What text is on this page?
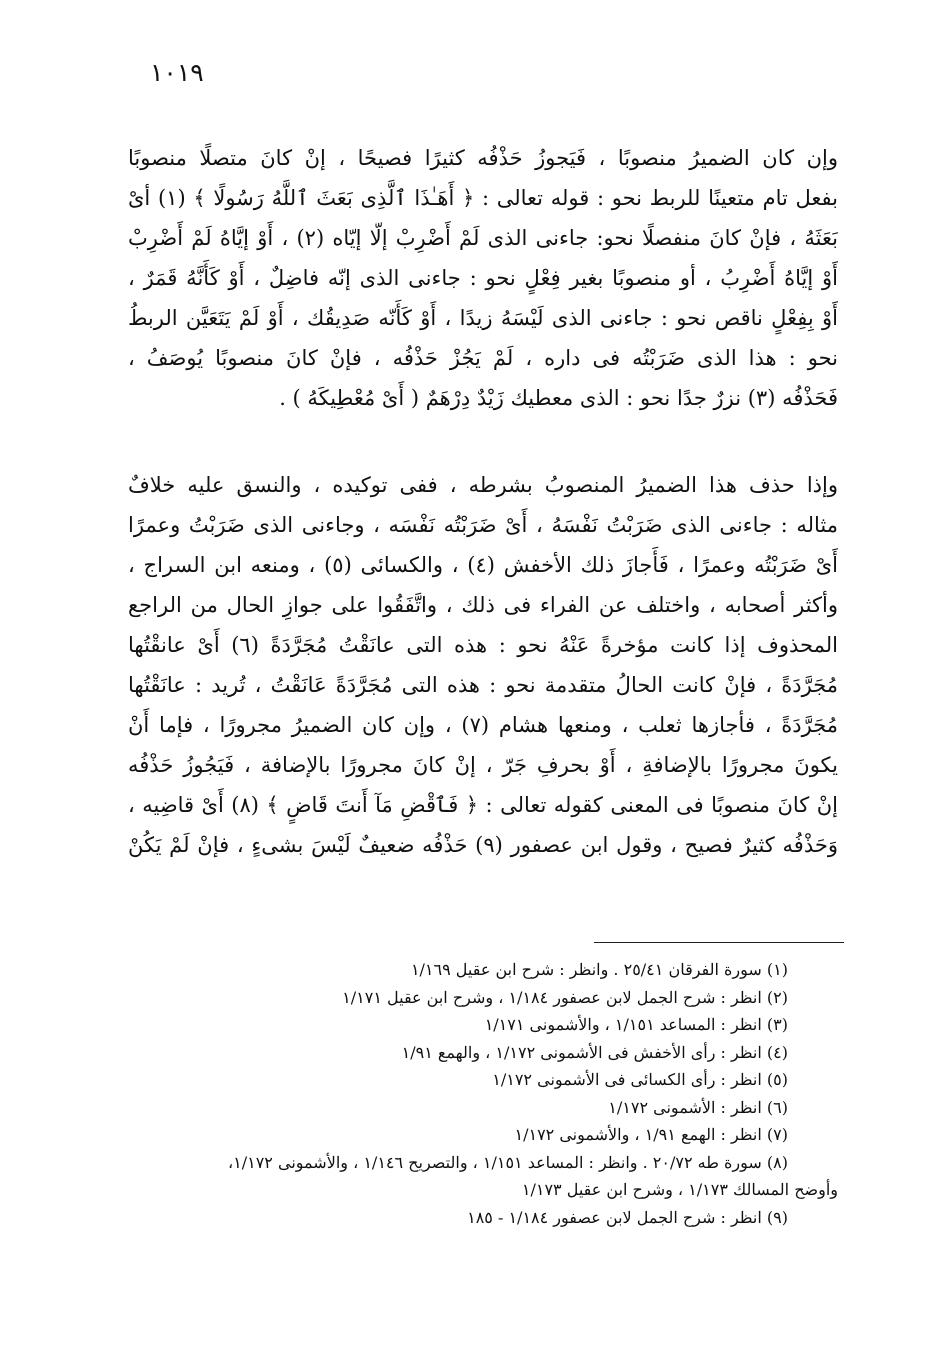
١٠١٩
وإن كان الضميرُ منصوبًا ، فَيَجوزُ حَذْفُه كثيرًا فصيحًا ، إنْ كانَ متصلًا منصوبًا
بفعل تام متعينًا للربط نحو : قوله تعالى : ﴿ أَهَـٰذَا ٱلَّذِى بَعَثَ ٱللَّهُ رَسُولًا ﴾ (١) أىْ
بَعَثَهُ ، فإنْ كانَ منفصلًا نحو: جاءنى الذى لَمْ أَضْرِبْ إلّا إيّاه (٢) ، أَوْ إيَّاهُ لَمْ أَضْرِبْ
أَوْ إيَّاهُ أَضْرِبُ ، أو منصوبًا بغير فِعْلٍ نحو : جاءنى الذى إنّه فاضِلٌ ، أَوْ كَأَنَّهُ قَمَرٌ ،
أَوْ بِفِعْلٍ ناقص نحو : جاءنى الذى لَيْسَهُ زيدًا ، أَوْ كَأَنّه صَدِيقُك ، أَوْ لَمْ يَتَعَيَّن الربطُ
نحو : هذا الذى ضَرَبْتُه فى داره ، لَمْ يَجُزْ حَذْفُه ، فإنْ كانَ منصوبًا يُوصَفُ ،
فَحَذْفُه (٣) نزرٌ جدًا نحو : الذى معطيك زَيْدٌ دِرْهَمٌ ( أَىْ مُعْطِيكَهُ ) .
وإذا حذف هذا الضميرُ المنصوبُ بشرطه ، ففى توكيده ، والنسق عليه خلافٌ
مثاله : جاءنى الذى ضَرَبْتُ نَفْسَهُ ، أَىْ ضَرَبْتُه نَفْسَه ، وجاءنى الذى ضَرَبْتُ وعمرًا
أَىْ ضَرَبْتُه وعمرًا ، فَأَجازَ ذلك الأخفش (٤) ، والكسائى (٥) ، ومنعه ابن السراج ،
وأكثر أصحابه ، واختلف عن الفراء فى ذلك ، واتَّفَقُوا على جوازِ الحال من الراجع
المحذوف إذا كانت مؤخرةً عَنْهُ نحو : هذه التى عانَقْتُ مُجَرَّدَةً (٦) أَىْ عانقْتُها
مُجَرَّدَةً ، فإنْ كانت الحالُ متقدمة نحو : هذه التى مُجَرَّدَةً عَانَقْتُ ، تُريد : عانَقْتُها
مُجَرَّدَةً ، فأجازها ثعلب ، ومنعها هشام (٧) ، وإن كان الضميرُ مجرورًا ، فإما أَنْ
يكونَ مجرورًا بالإضافةِ ، أَوْ بحرفِ جَرّ ، إنْ كانَ مجرورًا بالإضافة ، فَيَجُوزُ حَذْفُه
إنْ كانَ منصوبًا فى المعنى كقوله تعالى : ﴿ فَٱقْضِ مَآ أَنتَ قَاضٍ ﴾ (٨) أَىْ قاضِيه ،
وَحَذْفُه كثيرٌ فصيح ، وقول ابن عصفور (٩) حَذْفُه ضعيفٌ لَيْسَ بشىءٍ ، فإنْ لَمْ يَكُنْ
(١) سورة الفرقان ٢٥/٤١ . وانظر : شرح ابن عقيل ١/١٦٩
(٢) انظر : شرح الجمل لابن عصفور ١/١٨٤ ، وشرح ابن عقيل ١/١٧١
(٣) انظر : المساعد ١/١٥١ ، والأشمونى ١/١٧١
(٤) انظر : رأى الأخفش فى الأشمونى ١/١٧٢ ، والهمع ١/٩١
(٥) انظر : رأى الكسائى فى الأشمونى ١/١٧٢
(٦) انظر : الأشمونى ١/١٧٢
(٧) انظر : الهمع ١/٩١ ، والأشمونى ١/١٧٢
(٨) سورة طه ٢٠/٧٢ . وانظر : المساعد ١/١٥١ ، والتصريح ١/١٤٦ ، والأشمونى ١/١٧٢،
وأوضح المسالك ١/١٧٣ ، وشرح ابن عقيل ١/١٧٣
(٩) انظر : شرح الجمل لابن عصفور ١/١٨٤ - ١٨٥
